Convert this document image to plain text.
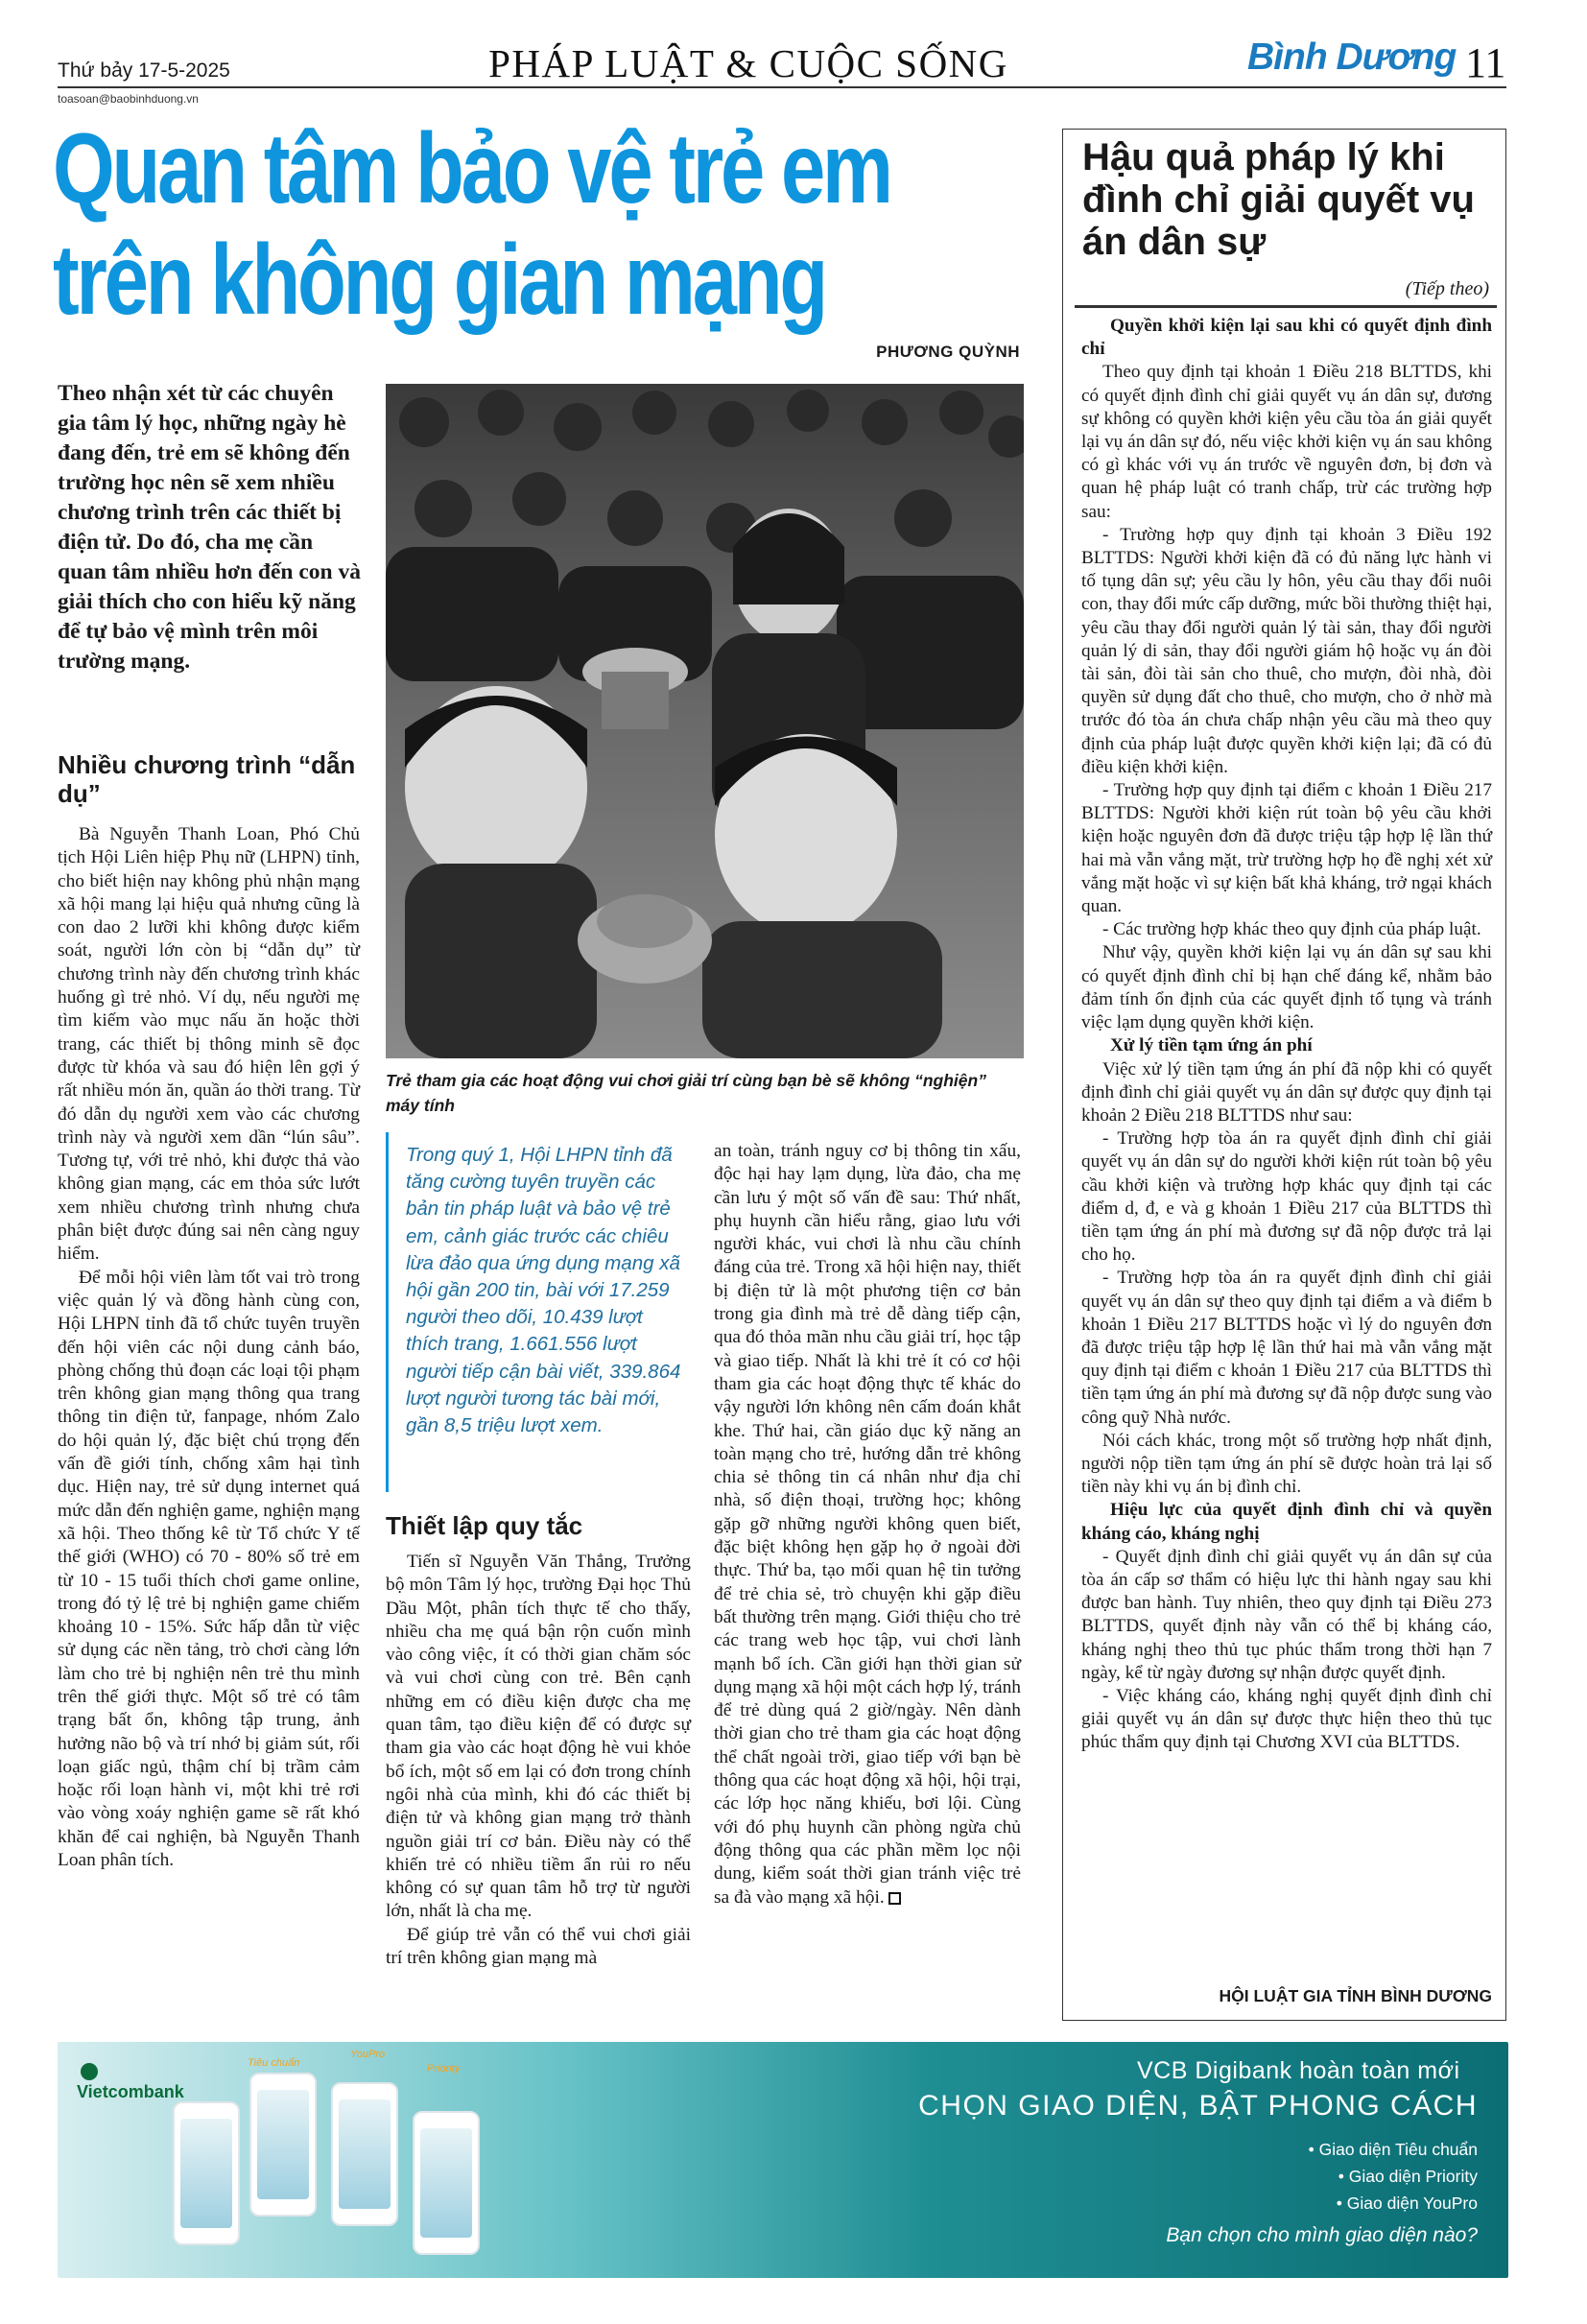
Thứ bảy 17-5-2025
toasoan@baobinhduong.vn
PHÁP LUẬT & CUỘC SỐNG	Bình Dương 11
Quan tâm bảo vệ trẻ em
trên không gian mạng
PHƯƠNG QUỲNH
Theo nhận xét từ các chuyên gia tâm lý học, những ngày hè đang đến, trẻ em sẽ không đến trường học nên sẽ xem nhiều chương trình trên các thiết bị điện tử. Do đó, cha mẹ cần quan tâm nhiều hơn đến con và giải thích cho con hiểu kỹ năng để tự bảo vệ mình trên môi trường mạng.
Nhiều chương trình “dẫn dụ”

Bà Nguyễn Thanh Loan, Phó Chủ tịch Hội Liên hiệp Phụ nữ (LHPN) tỉnh, cho biết hiện nay không phủ nhận mạng xã hội mang lại hiệu quả nhưng cũng là con dao 2 lưỡi khi không được kiểm soát, người lớn còn bị “dẫn dụ” từ chương trình này đến chương trình khác huống gì trẻ nhỏ. Ví dụ, nếu người mẹ tìm kiếm vào mục nấu ăn hoặc thời trang, các thiết bị thông minh sẽ đọc được từ khóa và sau đó hiện lên gợi ý rất nhiều món ăn, quần áo thời trang. Từ đó dẫn dụ người xem vào các chương trình này và người xem dần “lún sâu”. Tương tự, với trẻ nhỏ, khi được thả vào không gian mạng, các em thỏa sức lướt xem nhiều chương trình nhưng chưa phân biệt được đúng sai nên càng nguy hiểm.

Để mỗi hội viên làm tốt vai trò trong việc quản lý và đồng hành cùng con, Hội LHPN tỉnh đã tổ chức tuyên truyền đến hội viên các nội dung cảnh báo, phòng chống thủ đoạn các loại tội phạm trên không gian mạng thông qua trang thông tin điện tử, fanpage, nhóm Zalo do hội quản lý, đặc biệt chú trọng đến vấn đề giới tính, chống xâm hại tình dục. Hiện nay, trẻ sử dụng internet quá mức dẫn đến nghiện game, nghiện mạng xã hội. Theo thống kê từ Tổ chức Y tế thế giới (WHO) có 70 - 80% số trẻ em từ 10 - 15 tuổi thích chơi game online, trong đó tỷ lệ trẻ bị nghiện game chiếm khoảng 10 - 15%. Sức hấp dẫn từ việc sử dụng các nền tảng, trò chơi càng lớn làm cho trẻ bị nghiện nên trẻ thu mình trên thế giới thực. Một số trẻ có tâm trạng bất ổn, không tập trung, ảnh hưởng não bộ và trí nhớ bị giảm sút, rối loạn giấc ngủ, thậm chí bị trầm cảm hoặc rối loạn hành vi, một khi trẻ rơi vào vòng xoáy nghiện game sẽ rất khó khăn để cai nghiện, bà Nguyễn Thanh Loan phân tích.

Trẻ tham gia các hoạt động vui chơi giải trí cùng bạn bè sẽ không “nghiện” máy tính
Trong quý 1, Hội LHPN tỉnh đã tăng cường tuyên truyền các bản tin pháp luật và bảo vệ trẻ em, cảnh giác trước các chiêu lừa đảo qua ứng dụng mạng xã hội gần 200 tin, bài với 17.259 người theo dõi, 10.439 lượt thích trang, 1.661.556 lượt người tiếp cận bài viết, 339.864 lượt người tương tác bài mới, gần 8,5 triệu lượt xem.
Thiết lập quy tắc

Tiến sĩ Nguyễn Văn Thắng, Trưởng bộ môn Tâm lý học, trường Đại học Thủ Dầu Một, phân tích thực tế cho thấy, nhiều cha mẹ quá bận rộn cuốn mình vào công việc, ít có thời gian chăm sóc và vui chơi cùng con trẻ. Bên cạnh những em có điều kiện được cha mẹ quan tâm, tạo điều kiện để có được sự tham gia vào các hoạt động hè vui khỏe bổ ích, một số em lại có đơn trong chính ngôi nhà của mình, khi đó các thiết bị điện tử và không gian mạng trở thành nguồn giải trí cơ bản. Điều này có thể khiến trẻ có nhiều tiềm ẩn rủi ro nếu không có sự quan tâm hỗ trợ từ người lớn, nhất là cha mẹ.

Để giúp trẻ vẫn có thể vui chơi giải trí trên không gian mạng mà

an toàn, tránh nguy cơ bị thông tin xấu, độc hại hay lạm dụng, lừa đảo, cha mẹ cần lưu ý một số vấn đề sau: Thứ nhất, phụ huynh cần hiểu rằng, giao lưu với người khác, vui chơi là nhu cầu chính đáng của trẻ. Trong xã hội hiện nay, thiết bị điện tử là một phương tiện cơ bản trong gia đình mà trẻ dễ dàng tiếp cận, qua đó thỏa mãn nhu cầu giải trí, học tập và giao tiếp. Nhất là khi trẻ ít có cơ hội tham gia các hoạt động thực tế khác do vậy người lớn không nên cấm đoán khắt khe. Thứ hai, cần giáo dục kỹ năng an toàn mạng cho trẻ, hướng dẫn trẻ không chia sẻ thông tin cá nhân như địa chỉ nhà, số điện thoại, trường học; không gặp gỡ những người không quen biết, đặc biệt không hẹn gặp họ ở ngoài đời thực. Thứ ba, tạo mối quan hệ tin tưởng để trẻ chia sẻ, trò chuyện khi gặp điều bất thường trên mạng. Giới thiệu cho trẻ các trang web học tập, vui chơi lành mạnh bổ ích. Cần giới hạn thời gian sử dụng mạng xã hội một cách hợp lý, tránh để trẻ dùng quá 2 giờ/ngày. Nên dành thời gian cho trẻ tham gia các hoạt động thể chất ngoài trời, giao tiếp với bạn bè thông qua các hoạt động xã hội, hội trại, các lớp học năng khiếu, bơi lội. Cùng với đó phụ huynh cần phòng ngừa chủ động thông qua các phần mềm lọc nội dung, kiểm soát thời gian tránh việc trẻ sa đà vào mạng xã hội.

Hậu quả pháp lý khi đình chỉ giải quyết vụ án dân sự
(Tiếp theo)

Quyền khởi kiện lại sau khi có quyết định đình chỉ

Theo quy định tại khoản 1 Điều 218 BLTTDS, khi có quyết định đình chỉ giải quyết vụ án dân sự, đương sự không có quyền khởi kiện yêu cầu tòa án giải quyết lại vụ án dân sự đó, nếu việc khởi kiện vụ án sau không có gì khác với vụ án trước về nguyên đơn, bị đơn và quan hệ pháp luật có tranh chấp, trừ các trường hợp sau:

- Trường hợp quy định tại khoản 3 Điều 192 BLTTDS: Người khởi kiện đã có đủ năng lực hành vi tố tụng dân sự; yêu cầu ly hôn, yêu cầu thay đổi nuôi con, thay đổi mức cấp dưỡng, mức bồi thường thiệt hại, yêu cầu thay đổi người quản lý tài sản, thay đổi người quản lý di sản, thay đổi người giám hộ hoặc vụ án đòi tài sản, đòi tài sản cho thuê, cho mượn, đòi nhà, đòi quyền sử dụng đất cho thuê, cho mượn, cho ở nhờ mà trước đó tòa án chưa chấp nhận yêu cầu mà theo quy định của pháp luật được quyền khởi kiện lại; đã có đủ điều kiện khởi kiện.

- Trường hợp quy định tại điểm c khoản 1 Điều 217 BLTTDS: Người khởi kiện rút toàn bộ yêu cầu khởi kiện hoặc nguyên đơn đã được triệu tập hợp lệ lần thứ hai mà vẫn vắng mặt, trừ trường hợp họ đề nghị xét xử vắng mặt hoặc vì sự kiện bất khả kháng, trở ngại khách quan.

- Các trường hợp khác theo quy định của pháp luật.

Như vậy, quyền khởi kiện lại vụ án dân sự sau khi có quyết định đình chỉ bị hạn chế đáng kể, nhằm bảo đảm tính ổn định của các quyết định tố tụng và tránh việc lạm dụng quyền khởi kiện.

Xử lý tiền tạm ứng án phí

Việc xử lý tiền tạm ứng án phí đã nộp khi có quyết định đình chỉ giải quyết vụ án dân sự được quy định tại khoản 2 Điều 218 BLTTDS như sau:

- Trường hợp tòa án ra quyết định đình chỉ giải quyết vụ án dân sự do người khởi kiện rút toàn bộ yêu cầu khởi kiện và trường hợp khác quy định tại các điểm d, đ, e và g khoản 1 Điều 217 của BLTTDS thì tiền tạm ứng án phí mà đương sự đã nộp được trả lại cho họ.

- Trường hợp tòa án ra quyết định đình chỉ giải quyết vụ án dân sự theo quy định tại điểm a và điểm b khoản 1 Điều 217 BLTTDS hoặc vì lý do nguyên đơn đã được triệu tập hợp lệ lần thứ hai mà vẫn vắng mặt quy định tại điểm c khoản 1 Điều 217 của BLTTDS thì tiền tạm ứng án phí mà đương sự đã nộp được sung vào công quỹ Nhà nước.

Nói cách khác, trong một số trường hợp nhất định, người nộp tiền tạm ứng án phí sẽ được hoàn trả lại số tiền này khi vụ án bị đình chỉ.

Hiệu lực của quyết định đình chỉ và quyền kháng cáo, kháng nghị

- Quyết định đình chỉ giải quyết vụ án dân sự của tòa án cấp sơ thẩm có hiệu lực thi hành ngay sau khi được ban hành. Tuy nhiên, theo quy định tại Điều 273 BLTTDS, quyết định này vẫn có thể bị kháng cáo, kháng nghị theo thủ tục phúc thẩm trong thời hạn 7 ngày, kể từ ngày đương sự nhận được quyết định.

- Việc kháng cáo, kháng nghị quyết định đình chỉ giải quyết vụ án dân sự được thực hiện theo thủ tục phúc thẩm quy định tại Chương XVI của BLTTDS.

HỘI LUẬT GIA TỈNH BÌNH DƯƠNG
Vietcombank
Tiêu chuẩn
YouPro
Priority	VCB Digibank hoàn toàn mới
CHỌN GIAO DIỆN, BẬT PHONG CÁCH
• Giao diện Tiêu chuẩn
• Giao diện Priority
• Giao diện YouPro
Bạn chọn cho mình giao diện nào?
